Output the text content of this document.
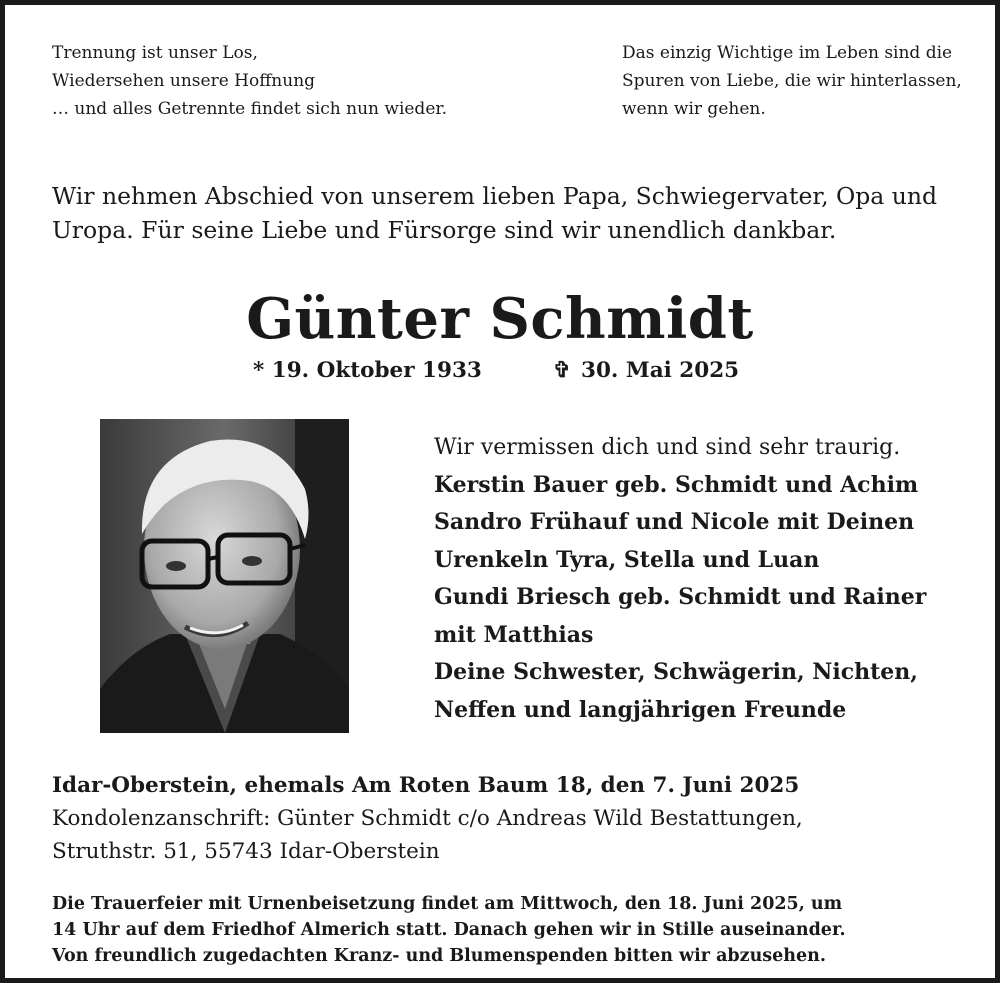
Trennung ist unser Los,
Wiedersehen unsere Hoffnung
… und alles Getrennte findet sich nun wieder.
Das einzig Wichtige im Leben sind die
Spuren von Liebe, die wir hinterlassen,
wenn wir gehen.
Wir nehmen Abschied von unserem lieben Papa, Schwiegervater, Opa und
Uropa. Für seine Liebe und Fürsorge sind wir unendlich dankbar.
Günter Schmidt
* 19. Oktober 1933	✞ 30. Mai 2025
Wir vermissen dich und sind sehr traurig.
Kerstin Bauer geb. Schmidt und Achim
Sandro Frühauf und Nicole mit Deinen
Urenkeln Tyra, Stella und Luan
Gundi Briesch geb. Schmidt und Rainer
mit Matthias
Deine Schwester, Schwägerin, Nichten,
Neffen und langjährigen Freunde
Idar-Oberstein, ehemals Am Roten Baum 18, den 7. Juni 2025
Kondolenzanschrift: Günter Schmidt c/o Andreas Wild Bestattungen,
Struthstr. 51, 55743 Idar-Oberstein
Die Trauerfeier mit Urnenbeisetzung findet am Mittwoch, den 18. Juni 2025, um
14 Uhr auf dem Friedhof Almerich statt. Danach gehen wir in Stille auseinander.
Von freundlich zugedachten Kranz- und Blumenspenden bitten wir abzusehen.
